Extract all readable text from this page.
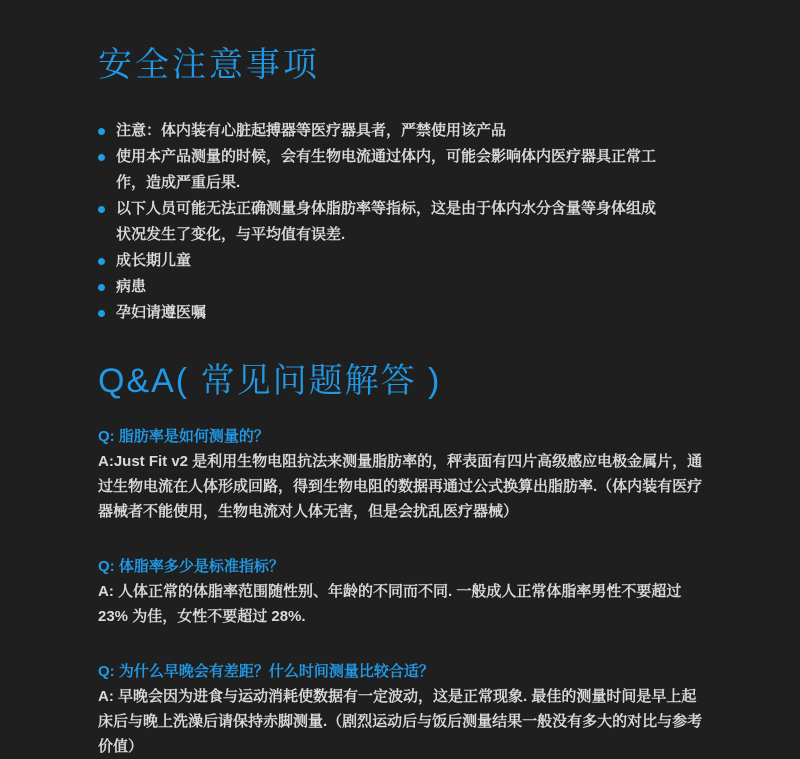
安全注意事项
注意：体内装有心脏起搏器等医疗器具者，严禁使用该产品
使用本产品测量的时候，会有生物电流通过体内，可能会影响体内医疗器具正常工作，造成严重后果.
以下人员可能无法正确测量身体脂肪率等指标，这是由于体内水分含量等身体组成状况发生了变化，与平均值有误差.
成长期儿童
病患
孕妇请遵医嘱
Q&A( 常见问题解答 )

Q: 脂肪率是如何测量的？

A:Just Fit v2 是利用生物电阻抗法来测量脂肪率的，秤表面有四片高级感应电极金属片，通过生物电流在人体形成回路，得到生物电阻的数据再通过公式换算出脂肪率.（体内装有医疗器械者不能使用，生物电流对人体无害，但是会扰乱医疗器械）

Q: 体脂率多少是标准指标？

A: 人体正常的体脂率范围随性别、年龄的不同而不同. 一般成人正常体脂率男性不要超过 23% 为佳，女性不要超过 28%.

Q: 为什么早晚会有差距？什么时间测量比较合适？

A: 早晚会因为进食与运动消耗使数据有一定波动，这是正常现象. 最佳的测量时间是早上起床后与晚上洗澡后请保持赤脚测量.（剧烈运动后与饭后测量结果一般没有多大的对比与参考价值）
